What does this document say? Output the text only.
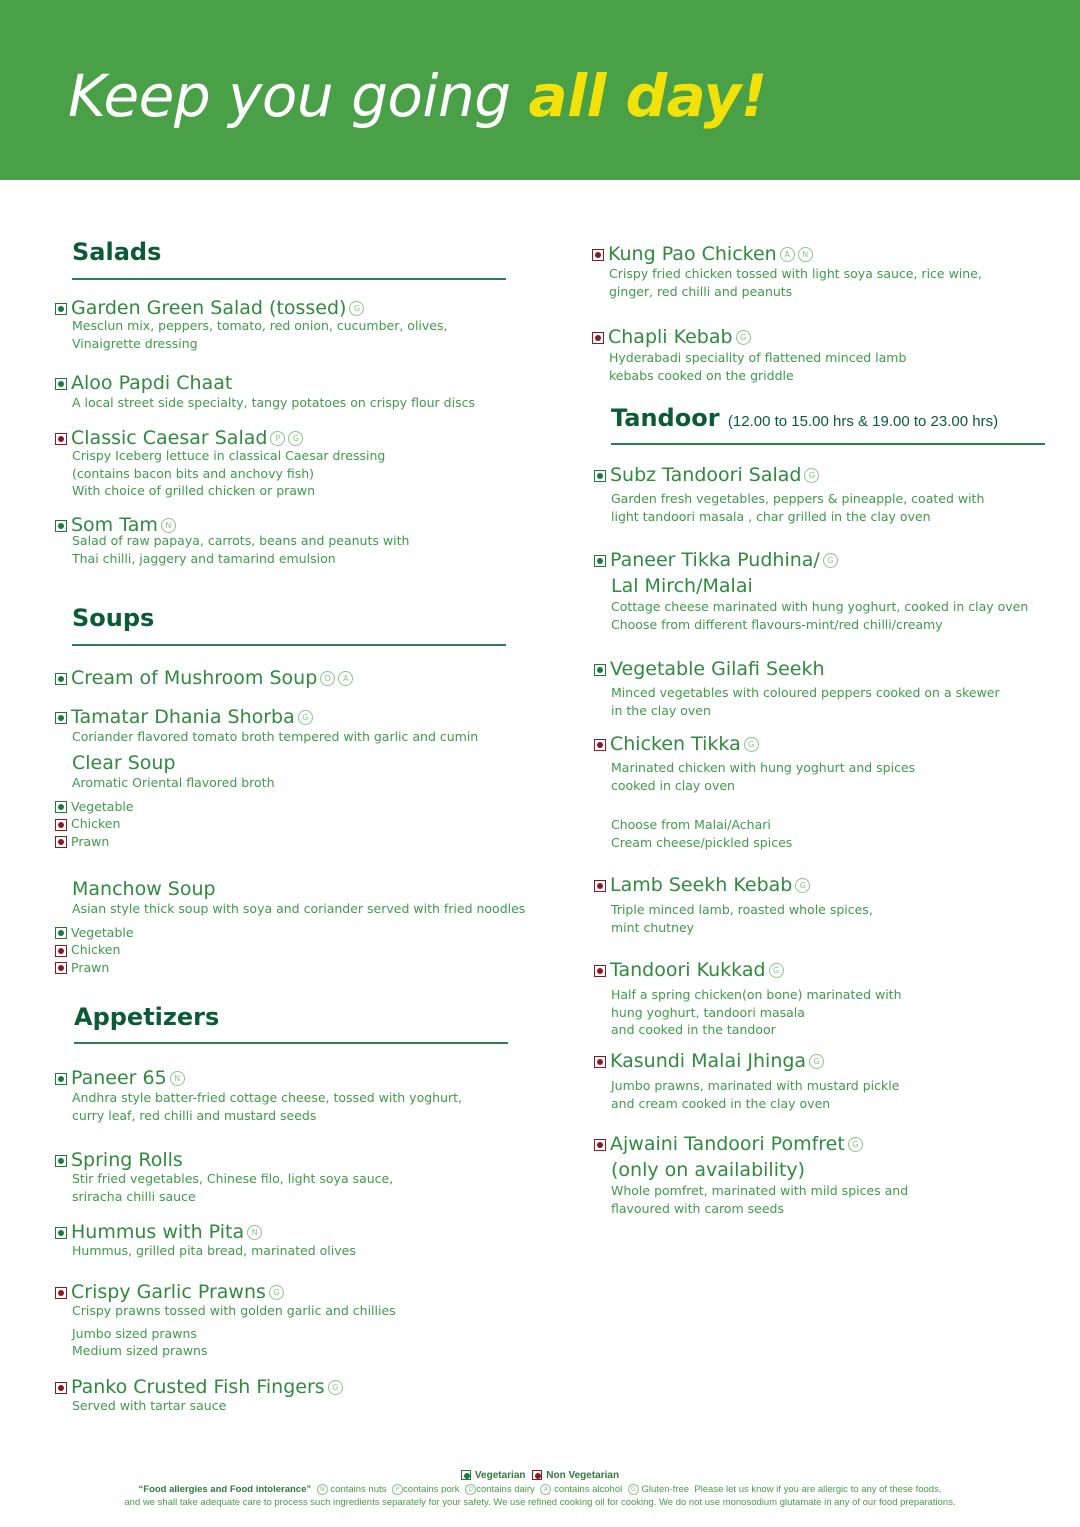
Keep you going all day!
Salads
Garden Green Salad (tossed) G
Mesclun mix, peppers, tomato, red onion, cucumber, olives,
Vinaigrette dressing
Aloo Papdi Chaat
A local street side specialty, tangy potatoes on crispy flour discs
Classic Caesar Salad P G
Crispy Iceberg lettuce in classical Caesar dressing
(contains bacon bits and anchovy fish)
With choice of grilled chicken or prawn
Som Tam N
Salad of raw papaya, carrots, beans and peanuts with
Thai chilli, jaggery and tamarind emulsion
Soups
Cream of Mushroom Soup D A
Tamatar Dhania Shorba G
Coriander flavored tomato broth tempered with garlic and cumin
Clear Soup
Aromatic Oriental flavored broth
Vegetable
Chicken
Prawn
Manchow Soup
Asian style thick soup with soya and coriander served with fried noodles
Vegetable
Chicken
Prawn
Appetizers
Paneer 65 N
Andhra style batter-fried cottage cheese, tossed with yoghurt,
curry leaf, red chilli and mustard seeds
Spring Rolls
Stir fried vegetables, Chinese filo, light soya sauce,
sriracha chilli sauce
Hummus with Pita N
Hummus, grilled pita bread, marinated olives
Crispy Garlic Prawns G
Crispy prawns tossed with golden garlic and chillies
Jumbo sized prawns
Medium sized prawns
Panko Crusted Fish Fingers G
Served with tartar sauce
Kung Pao Chicken A N
Crispy fried chicken tossed with light soya sauce, rice wine,
ginger, red chilli and peanuts
Chapli Kebab G
Hyderabadi speciality of flattened minced lamb
kebabs cooked on the griddle
Tandoor (12.00 to 15.00 hrs & 19.00 to 23.00 hrs)
Subz Tandoori Salad G
Garden fresh vegetables, peppers & pineapple, coated with
light tandoori masala , char grilled in the clay oven
Paneer Tikka Pudhina/ G
Lal Mirch/Malai
Cottage cheese marinated with hung yoghurt, cooked in clay oven
Choose from different flavours-mint/red chilli/creamy
Vegetable Gilafi Seekh
Minced vegetables with coloured peppers cooked on a skewer
in the clay oven
Chicken Tikka G
Marinated chicken with hung yoghurt and spices
cooked in clay oven
Choose from Malai/Achari
Cream cheese/pickled spices
Lamb Seekh Kebab G
Triple minced lamb, roasted whole spices,
mint chutney
Tandoori Kukkad G
Half a spring chicken(on bone) marinated with
hung yoghurt, tandoori masala
and cooked in the tandoor
Kasundi Malai Jhinga G
Jumbo prawns, marinated with mustard pickle
and cream cooked in the clay oven
Ajwaini Tandoori Pomfret G
(only on availability)
Whole pomfret, marinated with mild spices and
flavoured with carom seeds
Vegetarian Non Vegetarian
“Food allergies and Food intolerance” N contains nuts P contains pork D contains dairy A contains alcohol G Gluten-free Please let us know if you are allergic to any of these foods,
and we shall take adequate care to process such ingredients separately for your safety. We use refined cooking oil for cooking. We do not use monosodium glutamate in any of our food preparations.
